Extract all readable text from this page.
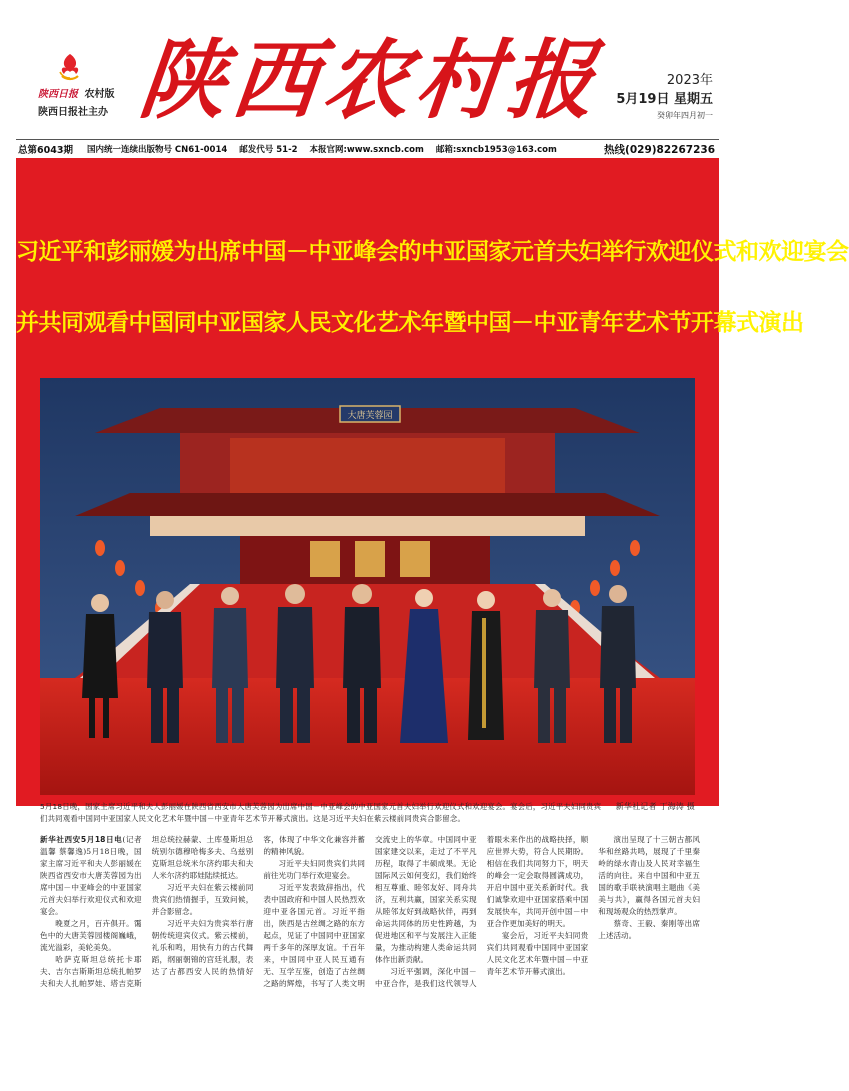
陕西日报 农村版
陕西日报社主办 陕西农村报	2023年
5月19日 星期五
癸卯年四月初一
总第6043期 国内统一连续出版物号 CN61-0014 邮发代号 51-2 本报官网:www.sxncb.com 邮箱:sxncb1953@163.com	热线(029)82267236
习近平和彭丽媛为出席中国－中亚峰会的中亚国家元首夫妇举行欢迎仪式和欢迎宴会
并共同观看中国同中亚国家人民文化艺术年暨中国－中亚青年艺术节开幕式演出
大唐芙蓉园
新华社记者 丁海涛 摄
5月18日晚，国家主席习近平和夫人彭丽媛在陕西省西安市大唐芙蓉园为出席中国－中亚峰会的中亚国家元首夫妇举行欢迎仪式和欢迎宴会。宴会后，习近平夫妇同贵宾们共同观看中国同中亚国家人民文化艺术年暨中国－中亚青年艺术节开幕式演出。这是习近平夫妇在紫云楼前同贵宾合影留念。

新华社西安5月18日电(记者 温馨 蔡馨逸)5月18日晚，国家主席习近平和夫人彭丽媛在陕西省西安市大唐芙蓉园为出席中国－中亚峰会的中亚国家元首夫妇举行欢迎仪式和欢迎宴会。

晚夏之月，百卉俱开。霭色中的大唐芙蓉园楼阁巍峨，流光溢彩，美轮美奂。

哈萨克斯坦总统托卡耶夫、吉尔吉斯斯坦总统扎帕罗夫和夫人扎帕罗娃、塔吉克斯坦总统拉赫蒙、土库曼斯坦总统别尔德穆哈梅多夫、乌兹别克斯坦总统米尔济约耶夫和夫人米尔济约耶娃陆续抵达。

习近平夫妇在紫云楼前同贵宾们热情握手，互致问候，并合影留念。

习近平夫妇为贵宾举行唐朝传统迎宾仪式。紫云楼前，礼乐和鸣，用快有力的古代舞蹈，纲丽朝锦的宫廷礼服，表达了古都西安人民的热情好客，体现了中华文化兼容并蓄的精神风貌。

习近平夫妇同贵宾们共同前往光功门举行欢迎宴会。

习近平发表致辞指出，代表中国政府和中国人民热烈欢迎中亚各国元首。习近平指出，陕西是古丝绸之路的东方起点，见证了中国同中亚国家两千多年的深厚友谊。千百年来，中国同中亚人民互通有无、互学互鉴，创造了古丝绸之路的辉煌，书写了人类文明交流史上的华章。中国同中亚国家建交以来，走过了不平凡历程，取得了丰硕成果。无论国际风云如何变幻，我们始终相互尊重、睦邻友好、同舟共济，互利共赢，国家关系实现从睦邻友好到战略伙伴，再到命运共同体的历史性跨越，为促进地区和平与发展注入正能量，为推动构建人类命运共同体作出新贡献。

习近平强调，深化中国－中亚合作，是我们这代领导人着眼未来作出的战略抉择，顺应世界大势，符合人民期盼。相信在我们共同努力下，明天的峰会一定会取得圆满成功，开启中国中亚关系新时代。我们诚挚欢迎中亚国家搭乘中国发展快车，共同开创中国－中亚合作更加美好的明天。

宴会后，习近平夫妇同贵宾们共同观看中国同中亚国家人民文化艺术年暨中国－中亚青年艺术节开幕式演出。

演出呈现了十三朝古都风华和丝路共鸣，展现了千里秦岭的绿水青山及人民对幸福生活的向往。来自中国和中亚五国的歌手联袂演唱主题曲《美美与共》，赢得各国元首夫妇和现场观众的热烈掌声。

蔡奇、王毅、秦刚等出席上述活动。
